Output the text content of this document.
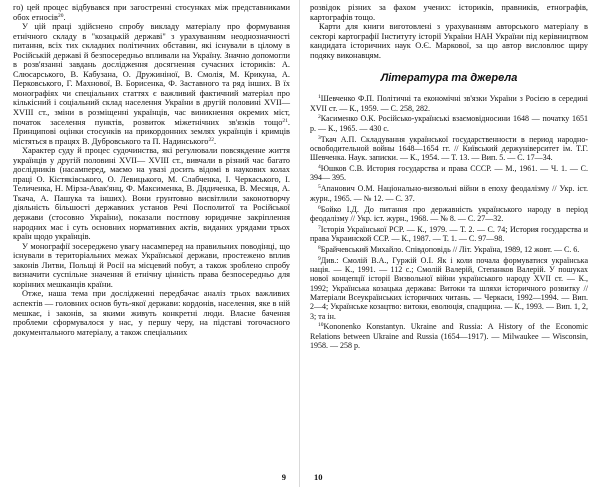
го) цей процес відбувався при загостренні стосунках між представниками обох етносів$^{20}$.

У цій праці здійснено спробу викладу матеріалу про формування етнічного складу в "козацькій державі" з урахуванням неоднозначності питання, всіх тих складних політичних обставин, які існували в цілому в Російській державі й безпосередньо впливали на Україну. Значно допомогли в розв'язанні завдань дослідження досягнення сучасних істориків: А. Слюсарського, В. Кабузана, О. Дружиніної, В. Смолія, М. Крикуна, А. Перковського, Г. Махнової, В. Борисенка, Ф. Заставного та ряд інших. В їх монографіях чи спеціальних статтях є важливий фактичний матеріал про кількісний і соціальний склад населення України в другій половині XVII— XVIII ст., зміни в розміщенні українців, час виникнення окремих міст, початок заселення пунктів, розвиток міжетнічних зв'язків тощо$^{21}$. Принципові оцінки стосунків на прикордонних землях українців і кримців містяться в працях В. Дубровського та П. Надинського$^{22}$.

Характер суду й процес судочинства, які регулювали повсякденне життя українців у другій половині XVII— XVIII ст., вивчали в різний час багато дослідників (насамперед, маємо на увазі досить відомі в наукових колах праці О. Кістяківського, О. Левицького, М. Слабченка, І. Черкаського, І. Теличенка, Н. Мірза-Авак'янц, Ф. Максименка, В. Дядиченка, В. Месяця, А. Ткача, А. Пашука та інших). Вони грунтовно висвітлили законотворчу діяльність більшості державних установ Речі Посполитої та Російської держави (стосовно України), показали постпову юридичне закріплення народних мас і суть основних нормативних актів, виданих урядами трьох країн щодо українців.

У монографії зосереджено увагу насамперед на правильних поводінці, що існували в територіальних межах Української держави, простежено вплив законів Литви, Польщі й Росії на місцевий побут, а також зроблено спробу визначити суспільне значення й етнічну цінність права безпосередньо для корінних мешканців країни.

Отже, наша тема при дослідженні передбачає аналіз трьох важливих аспектів — головних основ буть-якої держави: кордонів, населення, яке в ній мешкає, і законів, за якими живуть конкретні люди. Власне бачення проблеми сформувалося у нас, у першу черу, на підставі тогочасного документального матеріалу, а також спеціальних

9

розвідок різних за фахом учених: істориків, правників, етнографів, картографів тощо.

Карти для книги виготовлені з урахуванням авторського матеріалу в секторі картографії Інституту історії України НАН України під керівництвом кандидата історичних наук О.Є. Маркової, за що автор висловлює щиру подяку виконавцям.

Література та джерела
$^1$Шевченко Ф.П. Політичні та економічні зв'язки України з Росією в середині XVII ст. — К., 1959. — С. 258, 282.
$^2$Касименко О.К. Російсько-українські взаємовідносини 1648 — початку 1651 р. — К., 1965. — 430 с.
$^3$Ткач А.П. Складування української государственности в период народно-освободительной войны 1648—1654 гг. // Київський держуніверситет ім. Т.Г. Шевченка. Наук. записки. — К., 1954. — Т. 13. — Вип. 5. — С. 17—34.
$^4$Юшков С.В. История государства и права СССР. — М., 1961. — Ч. 1. — С. 394— 395.
$^5$Апанович О.М. Національно-визвольні війни в епоху феодалізму // Укр. іст. журн., 1965. — № 12. — С. 37.
$^6$Бойко І.Д. До питання про державність українського народу в період феодалізму // Укр. іст. журн., 1968. — № 8. — С. 27—32.
$^7$Історія Української РСР. — К., 1979. — Т. 2. — С. 74; История государства и права Украинской ССР. — К., 1987. — Т. 1. — С. 97—98.
$^8$Брайчевський Михайло. Співдоповідь // Літ. Україна, 1989, 12 жовт. — С. 6.
$^9$Див.: Смолій В.А., Гуржій О.І. Як і коли почала формуватися українська нація. — К., 1991. — 112 с.; Смолій Валерій, Степанков Валерій. У пошуках нової концепції історії Визвольної війни українського народу XVII ст. — К., 1992; Українська козацька держава: Витоки та шляхи історичного розвитку // Матеріали Всеукраїнських історичних читань. — Черкаси, 1992—1994. — Вип. 2—4; Українське козацтво: витоки, еволюція, спадщина. — К., 1993. — Вип. 1, 2, 3; та ін.
$^{10}$Kononenko Konstantyn. Ukraine and Russia: A History of the Economic Relations between Ukraine and Russia (1654—1917). — Milwaukee — Wisconsin, 1958. — 258 p.
10
